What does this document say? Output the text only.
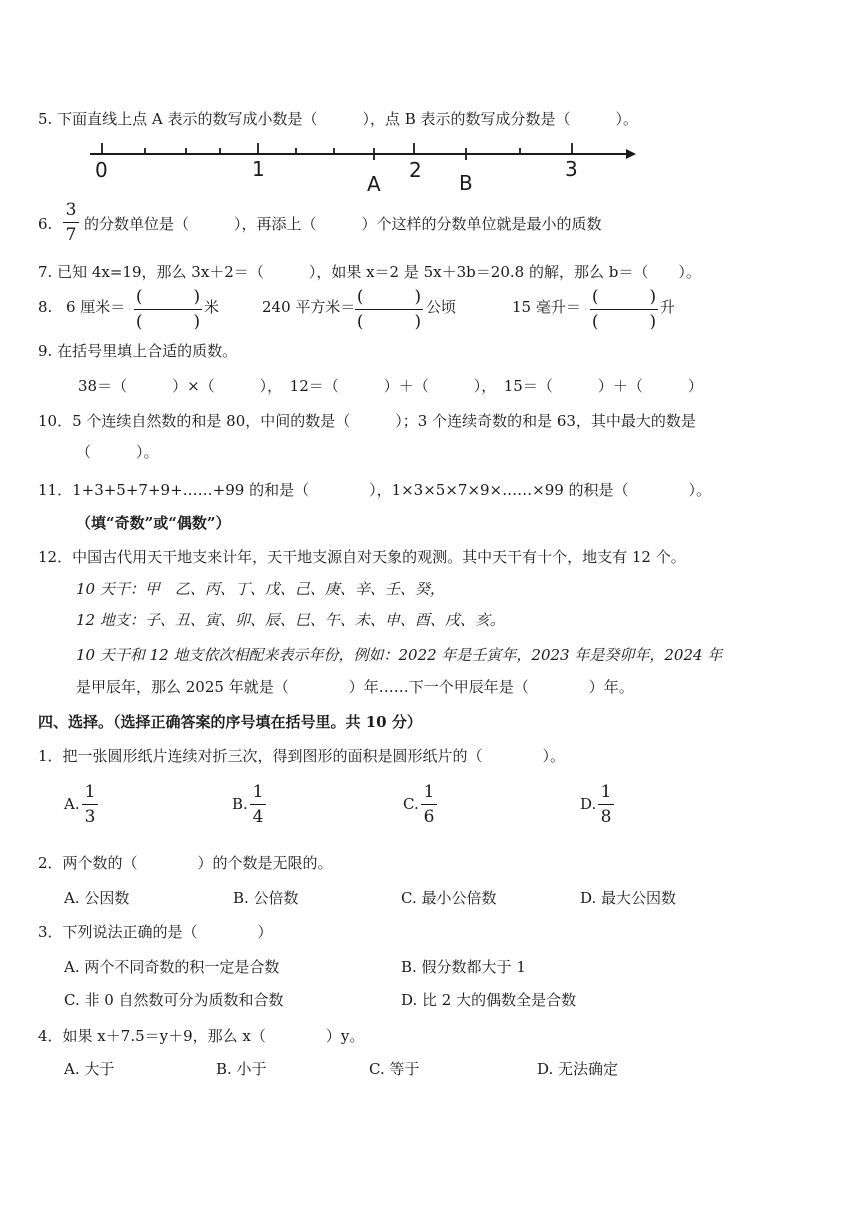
5. 下面直线上点 A 表示的数写成小数是（　　　），点 B 表示的数写成分数是（　　　）。
0	1
A
2
B
3
6.
3
7
的分数单位是（　　　），再添上（　　　）个这样的分数单位就是最小的质数
7. 已知 4x=19，那么 3x＋2＝（　　　），如果 x＝2 是 5x＋3b＝20.8 的解，那么 b＝（　　）。
8. 6 厘米＝ (　　　)
(　　　)
米	240 平方米＝ (　　　)
(　　　)
公顷	15 毫升＝ (　　　)
(　　　)
升
9. 在括号里填上合适的质数。
38＝（　　　）×（　　　），　12＝（　　　）＋（　　　），　15＝（　　　）＋（　　　）
10．5 个连续自然数的和是 80，中间的数是（　　　）；3 个连续奇数的和是 63，其中最大的数是
（　　　）。
11．1+3+5+7+9+……+99 的和是（　　　　），1×3×5×7×9×……×99 的积是（　　　　）。
（填“奇数”或“偶数”）
12．中国古代用天干地支来计年，天干地支源自对天象的观测。其中天干有十个，地支有 12 个。
10 天干：甲　乙、丙、丁、戊、己、庚、辛、壬、癸，
12 地支：子、丑、寅、卯、辰、巳、午、未、申、酉、戌、亥。
10 天干和 12 地支依次相配来表示年份，例如：2022 年是壬寅年，2023 年是癸卯年，2024 年
是甲辰年，那么 2025 年就是（　　　　）年……下一个甲辰年是（　　　　）年。
四、选择。（选择正确答案的序号填在括号里。共 10 分）
1．把一张圆形纸片连续对折三次，得到图形的面积是圆形纸片的（　　　　）。
A.
1
3
B.
1
4
C.
1
6
D.
1
8
2．两个数的（　　　　）的个数是无限的。
A. 公因数	B. 公倍数	C. 最小公倍数	D. 最大公因数
3．下列说法正确的是（　　　　）
A. 两个不同奇数的积一定是合数	B. 假分数都大于 1
C. 非 0 自然数可分为质数和合数	D. 比 2 大的偶数全是合数
4．如果 x＋7.5＝y＋9，那么 x（　　　　）y。
A. 大于	B. 小于	C. 等于	D. 无法确定
